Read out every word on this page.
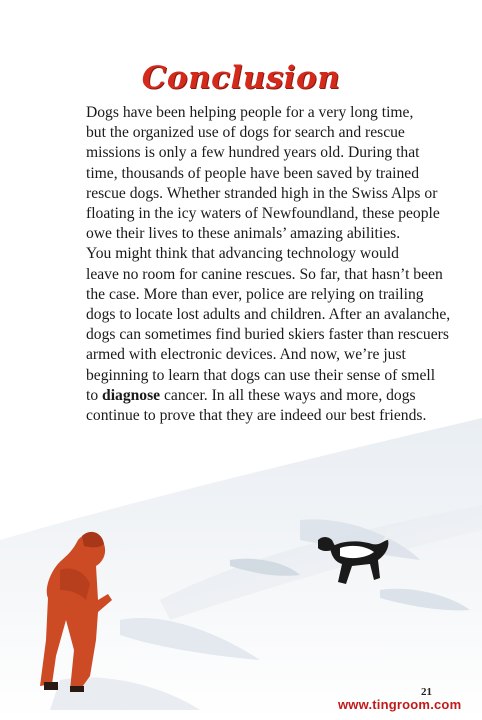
Conclusion

Dogs have been helping people for a very long time,
but the organized use of dogs for search and rescue
missions is only a few hundred years old. During that
time, thousands of people have been saved by trained
rescue dogs. Whether stranded high in the Swiss Alps or
floating in the icy waters of Newfoundland, these people
owe their lives to these animals’ amazing abilities.

You might think that advancing technology would
leave no room for canine rescues. So far, that hasn’t been
the case. More than ever, police are relying on trailing
dogs to locate lost adults and children. After an avalanche,
dogs can sometimes find buried skiers faster than rescuers
armed with electronic devices. And now, we’re just
beginning to learn that dogs can use their sense of smell
to diagnose cancer. In all these ways and more, dogs
continue to prove that they are indeed our best friends.

21
www.tingroom.com
